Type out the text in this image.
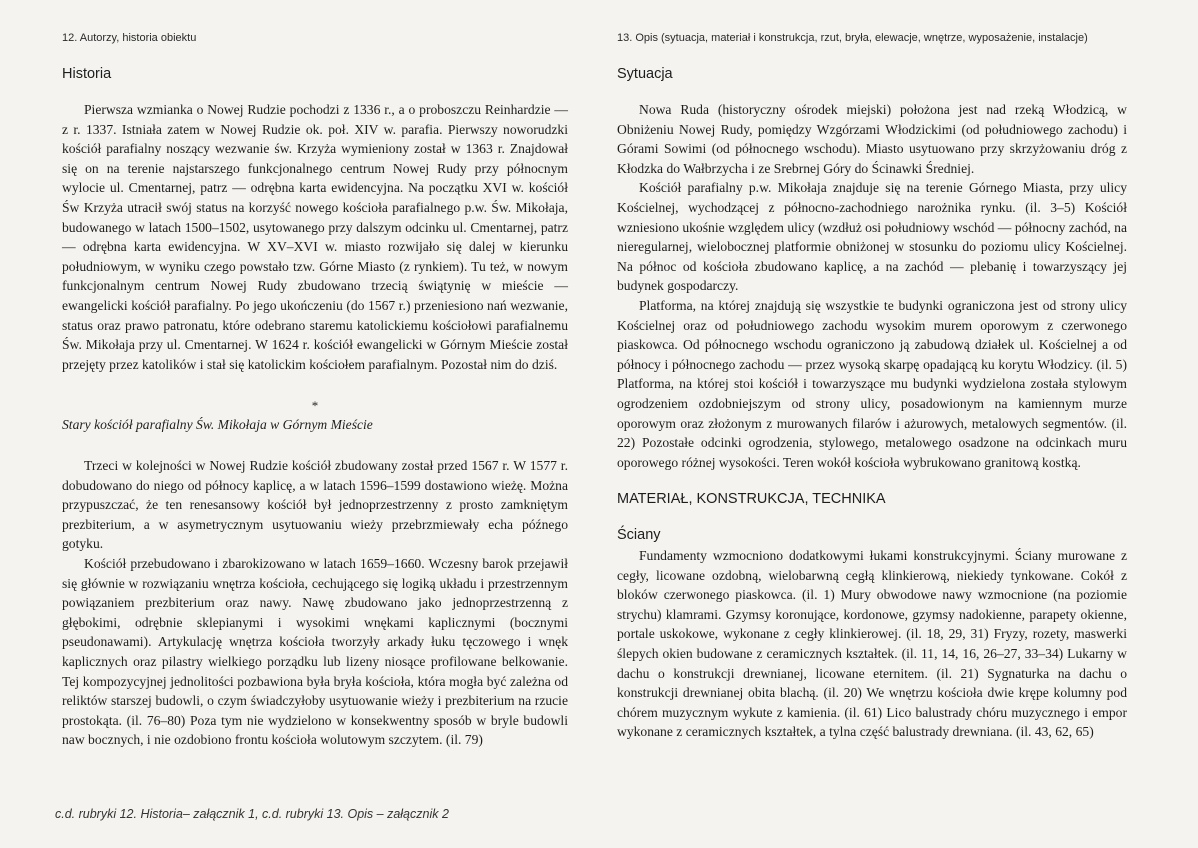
12. Autorzy, historia obiektu
Historia

Pierwsza wzmianka o Nowej Rudzie pochodzi z 1336 r., a o proboszczu Reinhardzie — z r. 1337. Istniała zatem w Nowej Rudzie ok. poł. XIV w. parafia. Pierwszy noworudzki kościół parafialny noszący wezwanie św. Krzyża wymieniony został w 1363 r. Znajdował się on na terenie najstarszego funkcjonalnego centrum Nowej Rudy przy północnym wylocie ul. Cmentarnej, patrz — odrębna karta ewidencyjna. Na początku XVI w. kościół Św Krzyża utracił swój status na korzyść nowego kościoła parafialnego p.w. Św. Mikołaja, budowanego w latach 1500–1502, usytowanego przy dalszym odcinku ul. Cmentarnej, patrz — odrębna karta ewidencyjna. W XV–XVI w. miasto rozwijało się dalej w kierunku południowym, w wyniku czego powstało tzw. Górne Miasto (z rynkiem). Tu też, w nowym funkcjonalnym centrum Nowej Rudy zbudowano trzecią świątynię w mieście — ewangelicki kościół parafialny. Po jego ukończeniu (do 1567 r.) przeniesiono nań wezwanie, status oraz prawo patronatu, które odebrano staremu katolickiemu kościołowi parafialnemu Św. Mikołaja przy ul. Cmentarnej. W 1624 r. kościół ewangelicki w Górnym Mieście został przejęty przez katolików i stał się katolickim kościołem parafialnym. Pozostał nim do dziś.

*
Stary kościół parafialny Św. Mikołaja w Górnym Mieście

Trzeci w kolejności w Nowej Rudzie kościół zbudowany został przed 1567 r. W 1577 r. dobudowano do niego od północy kaplicę, a w latach 1596–1599 dostawiono wieżę. Można przypuszczać, że ten renesansowy kościół był jednoprzestrzenny z prosto zamkniętym prezbiterium, a w asymetrycznym usytuowaniu wieży przebrzmiewały echa późnego gotyku.

Kościół przebudowano i zbarokizowano w latach 1659–1660. Wczesny barok przejawił się głównie w rozwiązaniu wnętrza kościoła, cechującego się logiką układu i przestrzennym powiązaniem prezbiterium oraz nawy. Nawę zbudowano jako jednoprzestrzenną z głębokimi, odrębnie sklepianymi i wysokimi wnękami kaplicznymi (bocznymi pseudonawami). Artykulację wnętrza kościoła tworzyły arkady łuku tęczowego i wnęk kaplicznych oraz pilastry wielkiego porządku lub lizeny niosące profilowane belkowanie. Tej kompozycyjnej jednolitości pozbawiona była bryła kościoła, która mogła być zależna od reliktów starszej budowli, o czym świadczyłoby usytuowanie wieży i prezbiterium na rzucie prostokąta. (il. 76–80) Poza tym nie wydzielono w konsekwentny sposób w bryle budowli naw bocznych, i nie ozdobiono frontu kościoła wolutowym szczytem. (il. 79)

13. Opis (sytuacja, materiał i konstrukcja, rzut, bryła, elewacje, wnętrze, wyposażenie, instalacje)
Sytuacja

Nowa Ruda (historyczny ośrodek miejski) położona jest nad rzeką Włodzicą, w Obniżeniu Nowej Rudy, pomiędzy Wzgórzami Włodzickimi (od południowego zachodu) i Górami Sowimi (od północnego wschodu). Miasto usytuowano przy skrzyżowaniu dróg z Kłodzka do Wałbrzycha i ze Srebrnej Góry do Ścinawki Średniej.

Kościół parafialny p.w. Mikołaja znajduje się na terenie Górnego Miasta, przy ulicy Kościelnej, wychodzącej z północno-zachodniego narożnika rynku. (il. 3–5) Kościół wzniesiono ukośnie względem ulicy (wzdłuż osi południowy wschód — północny zachód, na nieregularnej, wielobocznej platformie obniżonej w stosunku do poziomu ulicy Kościelnej. Na północ od kościoła zbudowano kaplicę, a na zachód — plebanię i towarzyszący jej budynek gospodarczy.

Platforma, na której znajdują się wszystkie te budynki ograniczona jest od strony ulicy Kościelnej oraz od południowego zachodu wysokim murem oporowym z czerwonego piaskowca. Od północnego wschodu ograniczono ją zabudową działek ul. Kościelnej a od północy i północnego zachodu — przez wysoką skarpę opadającą ku korytu Włodzicy. (il. 5) Platforma, na której stoi kościół i towarzyszące mu budynki wydzielona została stylowym ogrodzeniem ozdobniejszym od strony ulicy, posadowionym na kamiennym murze oporowym oraz złożonym z murowanych filarów i ażurowych, metalowych segmentów. (il. 22) Pozostałe odcinki ogrodzenia, stylowego, metalowego osadzone na odcinkach muru oporowego różnej wysokości. Teren wokół kościoła wybrukowano granitową kostką.

MATERIAŁ, KONSTRUKCJA, TECHNIKA
Ściany

Fundamenty wzmocniono dodatkowymi łukami konstrukcyjnymi. Ściany murowane z cegły, licowane ozdobną, wielobarwną cegłą klinkierową, niekiedy tynkowane. Cokół z bloków czerwonego piaskowca. (il. 1) Mury obwodowe nawy wzmocnione (na poziomie strychu) klamrami. Gzymsy koronujące, kordonowe, gzymsy nadokienne, parapety okienne, portale uskokowe, wykonane z cegły klinkierowej. (il. 18, 29, 31) Fryzy, rozety, maswerki ślepych okien budowane z ceramicznych kształtek. (il. 11, 14, 16, 26–27, 33–34) Lukarny w dachu o konstrukcji drewnianej, licowane eternitem. (il. 21) Sygnaturka na dachu o konstrukcji drewnianej obita blachą. (il. 20) We wnętrzu kościoła dwie krępe kolumny pod chórem muzycznym wykute z kamienia. (il. 61) Lico balustrady chóru muzycznego i empor wykonane z ceramicznych kształtek, a tylna część balustrady drewniana. (il. 43, 62, 65)

c.d. rubryki 12. Historia– załącznik 1, c.d. rubryki 13. Opis – załącznik 2
